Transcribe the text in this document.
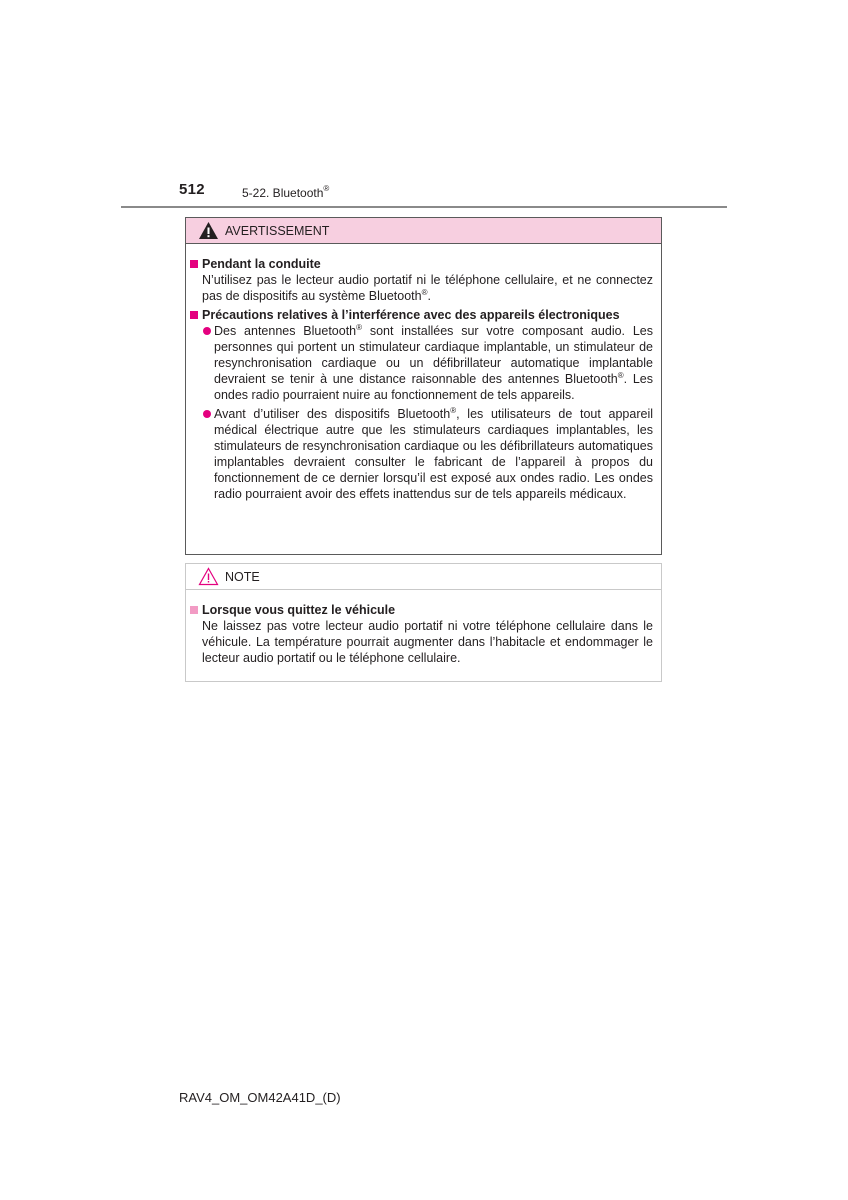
512	5-22. Bluetooth®
AVERTISSEMENT
Pendant la conduite
N’utilisez pas le lecteur audio portatif ni le téléphone cellulaire, et ne connectez pas de dispositifs au système Bluetooth®.
Précautions relatives à l’interférence avec des appareils électroniques
Des antennes Bluetooth® sont installées sur votre composant audio. Les personnes qui portent un stimulateur cardiaque implantable, un stimulateur de resynchronisation cardiaque ou un défibrillateur automatique implantable devraient se tenir à une distance raisonnable des antennes Bluetooth®. Les ondes radio pourraient nuire au fonctionnement de tels appareils.
Avant d’utiliser des dispositifs Bluetooth®, les utilisateurs de tout appareil médical électrique autre que les stimulateurs cardiaques implantables, les stimulateurs de resynchronisation cardiaque ou les défibrillateurs automatiques implantables devraient consulter le fabricant de l’appareil à propos du fonctionnement de ce dernier lorsqu’il est exposé aux ondes radio. Les ondes radio pourraient avoir des effets inattendus sur de tels appareils médicaux.
NOTE
Lorsque vous quittez le véhicule
Ne laissez pas votre lecteur audio portatif ni votre téléphone cellulaire dans le véhicule. La température pourrait augmenter dans l’habitacle et endommager le lecteur audio portatif ou le téléphone cellulaire.
RAV4_OM_OM42A41D_(D)
